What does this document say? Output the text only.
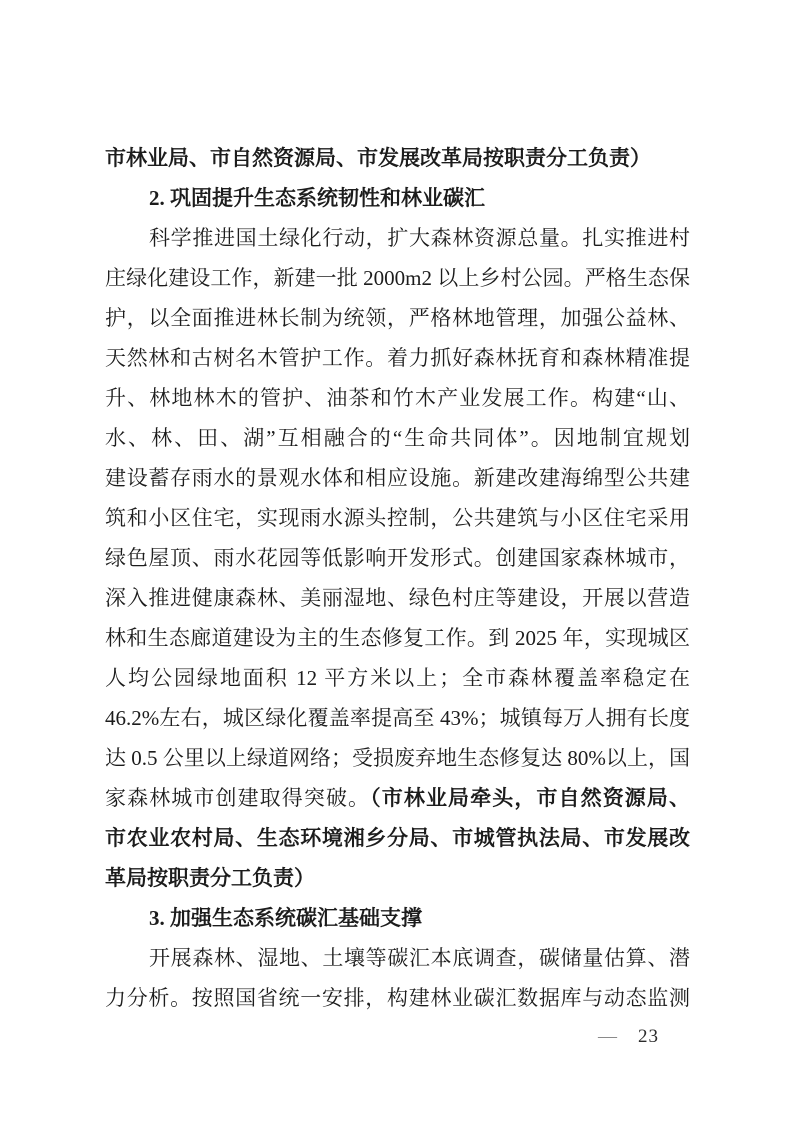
市林业局、市自然资源局、市发展改革局按职责分工负责）
2. 巩固提升生态系统韧性和林业碳汇
科学推进国土绿化行动，扩大森林资源总量。扎实推进村
庄绿化建设工作，新建一批 2000m2 以上乡村公园。严格生态保
护，以全面推进林长制为统领，严格林地管理，加强公益林、
天然林和古树名木管护工作。着力抓好森林抚育和森林精准提
升、林地林木的管护、油茶和竹木产业发展工作。构建“山、
水、林、田、湖”互相融合的“生命共同体”。因地制宜规划
建设蓄存雨水的景观水体和相应设施。新建改建海绵型公共建
筑和小区住宅，实现雨水源头控制，公共建筑与小区住宅采用
绿色屋顶、雨水花园等低影响开发形式。创建国家森林城市，
深入推进健康森林、美丽湿地、绿色村庄等建设，开展以营造
林和生态廊道建设为主的生态修复工作。到 2025 年，实现城区
人均公园绿地面积 12 平方米以上；全市森林覆盖率稳定在
46.2%左右，城区绿化覆盖率提高至 43%；城镇每万人拥有长度
达 0.5 公里以上绿道网络；受损废弃地生态修复达 80%以上，国
家森林城市创建取得突破。（市林业局牵头，市自然资源局、
市农业农村局、生态环境湘乡分局、市城管执法局、市发展改
革局按职责分工负责）
3. 加强生态系统碳汇基础支撑
开展森林、湿地、土壤等碳汇本底调查，碳储量估算、潜
力分析。按照国省统一安排，构建林业碳汇数据库与动态监测
— 23
